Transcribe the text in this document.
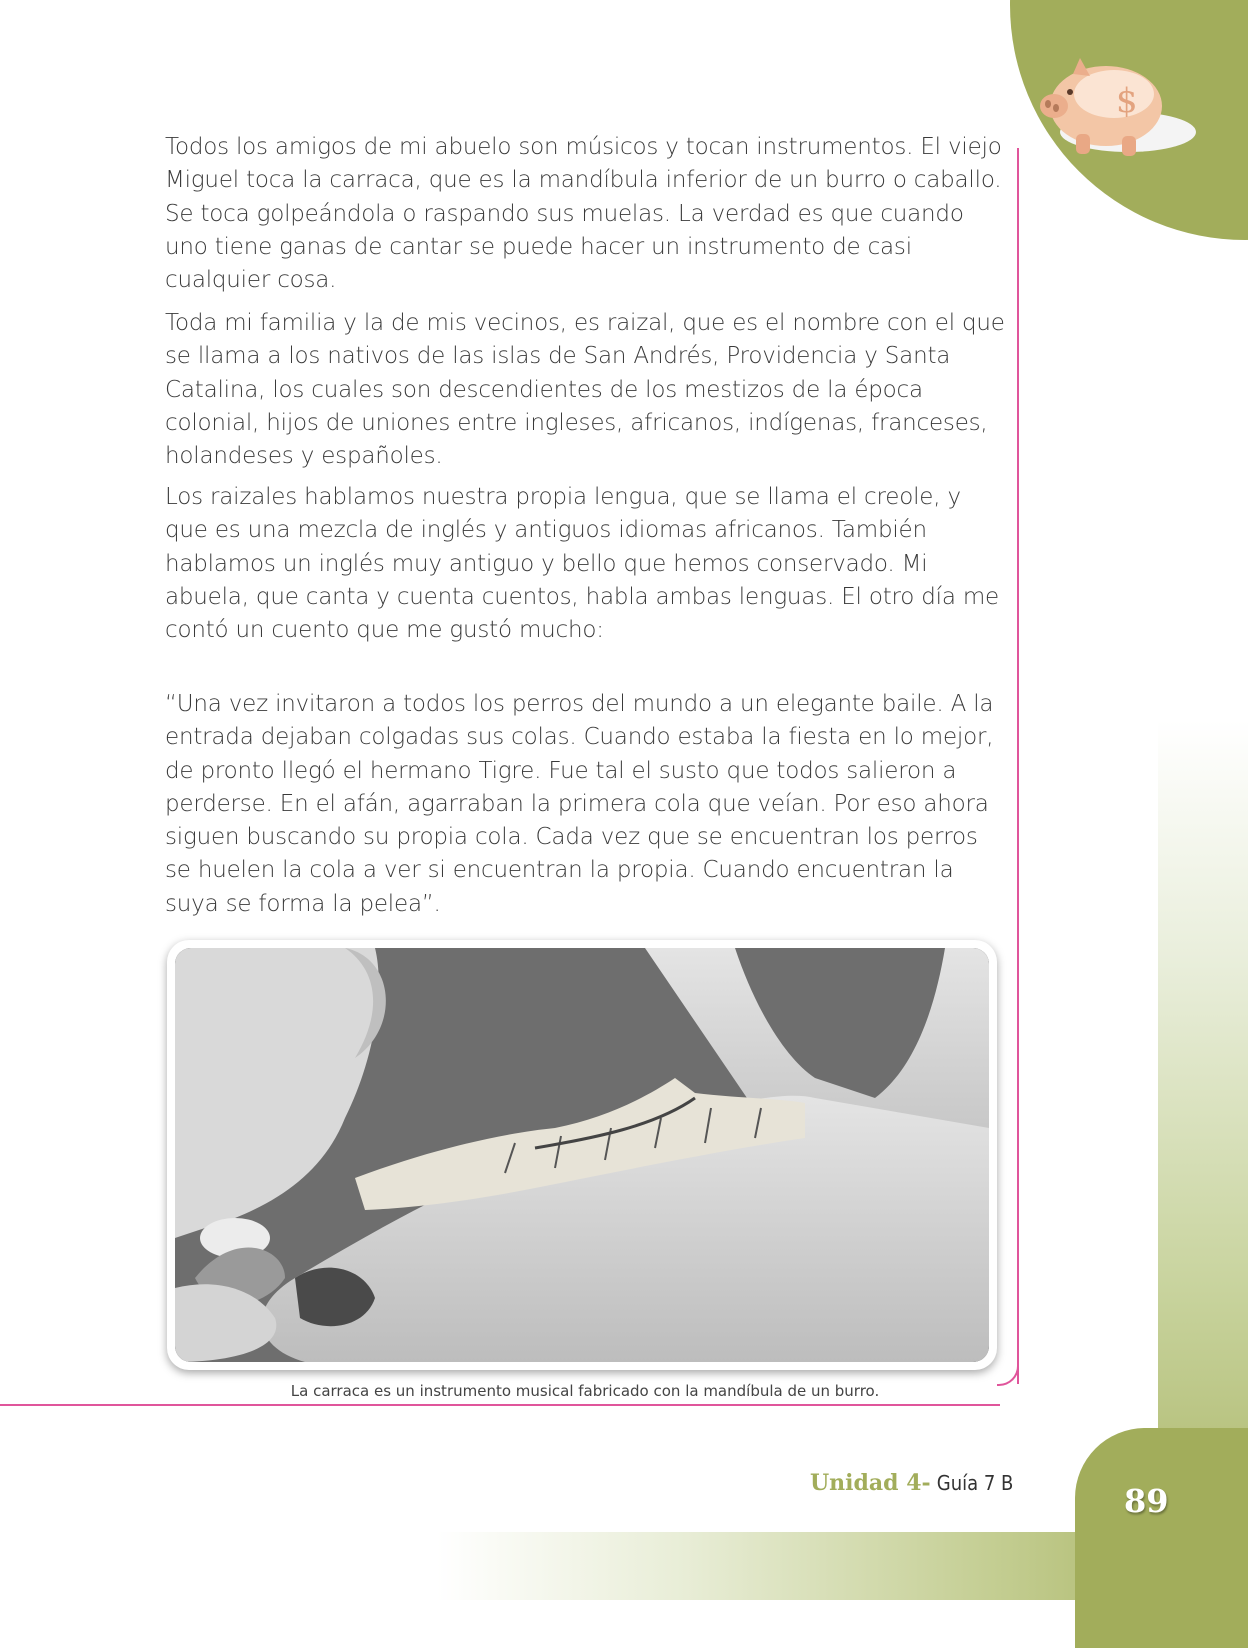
$

Todos los amigos de mi abuelo son músicos y tocan instrumentos. El viejo Miguel toca la carraca, que es la mandíbula inferior de un burro o caballo. Se toca golpeándola o raspando sus muelas. La verdad es que cuando uno tiene ganas de cantar se puede hacer un instrumento de casi cualquier cosa.

Toda mi familia y la de mis vecinos, es raizal, que es el nombre con el que se llama a los nativos de las islas de San Andrés, Providencia y Santa Catalina, los cuales son descendientes de los mestizos de la época colonial, hijos de uniones entre ingleses, africanos, indígenas, franceses, holandeses y españoles.

Los raizales hablamos nuestra propia lengua, que se llama el creole, y que es una mezcla de inglés y antiguos idiomas africanos. También hablamos un inglés muy antiguo y bello que hemos conservado. Mi abuela, que canta y cuenta cuentos, habla ambas lenguas. El otro día me contó un cuento que me gustó mucho:

“Una vez invitaron a todos los perros del mundo a un elegante baile. A la entrada dejaban colgadas sus colas. Cuando estaba la fiesta en lo mejor, de pronto llegó el hermano Tigre. Fue tal el susto que todos salieron a perderse. En el afán, agarraban la primera cola que veían. Por eso ahora siguen buscando su propia cola. Cada vez que se encuentran los perros se huelen la cola a ver si encuentran la propia. Cuando encuentran la suya se forma la pelea”.

La carraca es un instrumento musical fabricado con la mandíbula de un burro.
Unidad 4- Guía 7 B	89
